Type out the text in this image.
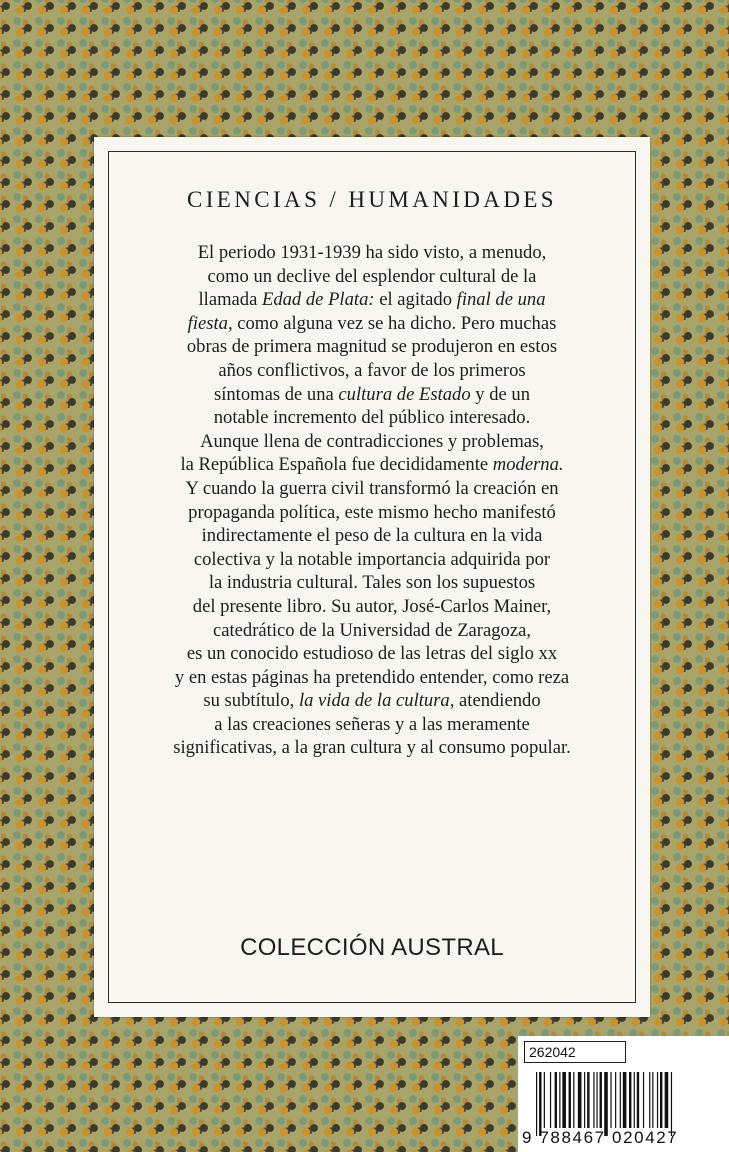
CIENCIAS / HUMANIDADES
El periodo 1931-1939 ha sido visto, a menudo,
como un declive del esplendor cultural de la
llamada Edad de Plata: el agitado final de una
fiesta, como alguna vez se ha dicho. Pero muchas
obras de primera magnitud se produjeron en estos
años conflictivos, a favor de los primeros
síntomas de una cultura de Estado y de un
notable incremento del público interesado.
Aunque llena de contradicciones y problemas,
la República Española fue decididamente moderna.
Y cuando la guerra civil transformó la creación en
propaganda política, este mismo hecho manifestó
indirectamente el peso de la cultura en la vida
colectiva y la notable importancia adquirida por
la industria cultural. Tales son los supuestos
del presente libro. Su autor, José-Carlos Mainer,
catedrático de la Universidad de Zaragoza,
es un conocido estudioso de las letras del siglo xx
y en estas páginas ha pretendido entender, como reza
su subtítulo, la vida de la cultura, atendiendo
a las creaciones señeras y a las meramente
significativas, a la gran cultura y al consumo popular.
COLECCIÓN AUSTRAL
262042
9 788467 020427
